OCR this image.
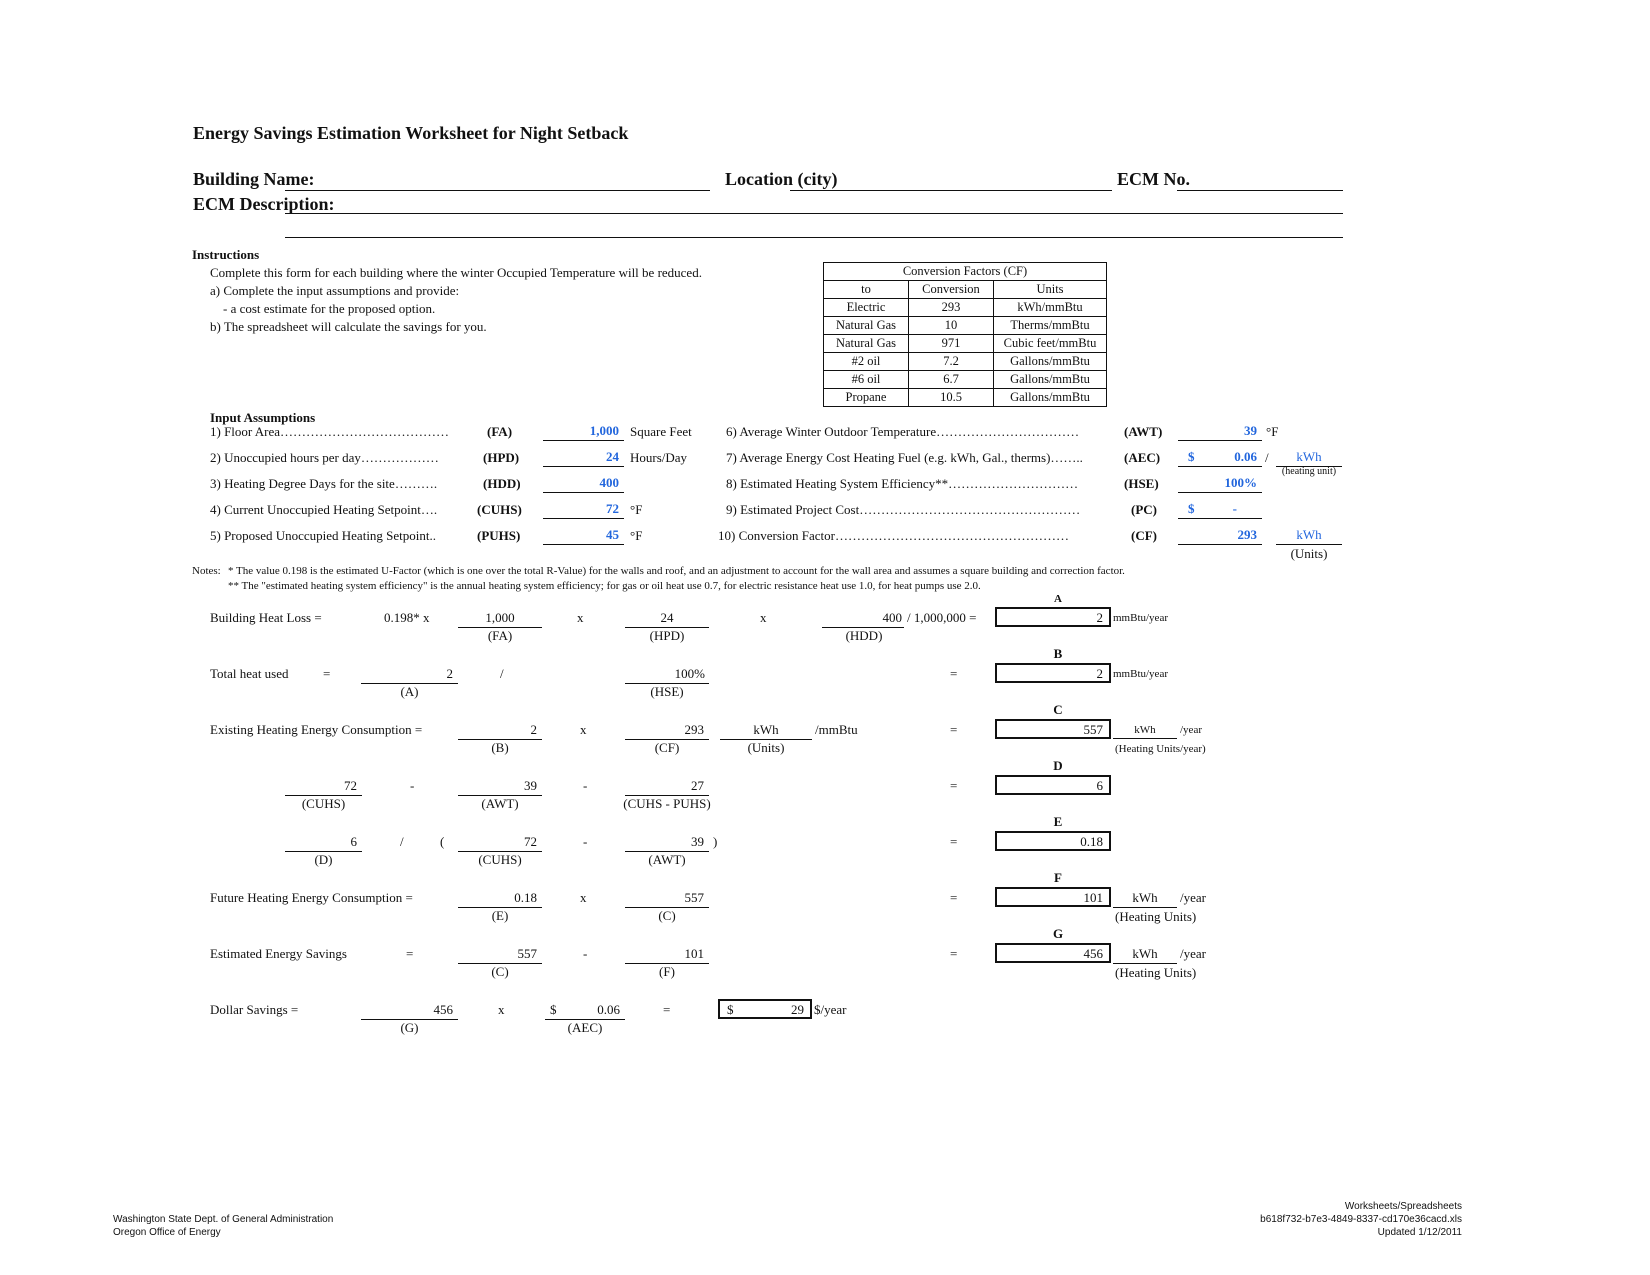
Energy Savings Estimation Worksheet for Night Setback
Building Name:	Location (city)	ECM No.
ECM Description:
Instructions
Complete this form for each building where the winter Occupied Temperature will be reduced.
a) Complete the input assumptions and provide:
- a cost estimate for the proposed option.
b) The spreadsheet will calculate the savings for you.
Conversion Factors (CF)		
to	Conversion	Units
Electric	293	kWh/mmBtu
Natural Gas	10	Therms/mmBtu
Natural Gas	971	Cubic feet/mmBtu
#2 oil	7.2	Gallons/mmBtu
#6 oil	6.7	Gallons/mmBtu
Propane	10.5	Gallons/mmBtu
Input Assumptions
1) Floor Area…………………………………	(FA)	1,000 Square Feet
2) Unoccupied hours per day………………	(HPD)	24 Hours/Day
3) Heating Degree Days for the site……….	(HDD)	400
4) Current Unoccupied Heating Setpoint….	(CUHS)	72 °F
5) Proposed Unoccupied Heating Setpoint..	(PUHS)	45 °F
6) Average Winter Outdoor Temperature……………………………	(AWT)	39 °F
7) Average Energy Cost Heating Fuel (e.g. kWh, Gal., therms)……..	(AEC) $	0.06 /	kWh
(heating unit)
8) Estimated Heating System Efficiency**…………………………	(HSE)	100%
9) Estimated Project Cost……………………………………………	(PC) $	-
10) Conversion Factor………………………………………………	(CF)	293	kWh
(Units)
Notes: * The value 0.198 is the estimated U-Factor (which is one over the total R-Value) for the walls and roof, and an adjustment to account for the wall area and assumes a square building and correction factor.
** The "estimated heating system efficiency" is the annual heating system efficiency; for gas or oil heat use 0.7, for electric resistance heat use 1.0, for heat pumps use 2.0.
A
Building Heat Loss =	0.198* x	1,000
(FA)
x	24
(HPD)
x	400
(HDD)
/ 1,000,000 =	2 mmBtu/year
B
Total heat used	=	2
(A)
/	100%
(HSE)
=	2 mmBtu/year
C
Existing Heating Energy Consumption =	2
(B)
x	293
(CF)
kWh
(Units)
/mmBtu	=	557	kWh	/year
(Heating Units/year)
D
72
(CUHS)
-	39
(AWT)
-	27
(CUHS - PUHS)
=	6
E
6
(D)
/	(	72
(CUHS)
-	39
(AWT)
)	=	0.18
F
Future Heating Energy Consumption =	0.18
(E)
x	557
(C)
=	101	kWh	/year
(Heating Units)
G
Estimated Energy Savings	=	557
(C)
-	101
(F)
=	456	kWh	/year
(Heating Units)
Dollar Savings =	456
(G)
x	$	0.06
(AEC)
=	$	29 $/year
Washington State Dept. of General Administration
Oregon Office of Energy
Worksheets/Spreadsheets
b618f732-b7e3-4849-8337-cd170e36cacd.xls
Updated 1/12/2011
